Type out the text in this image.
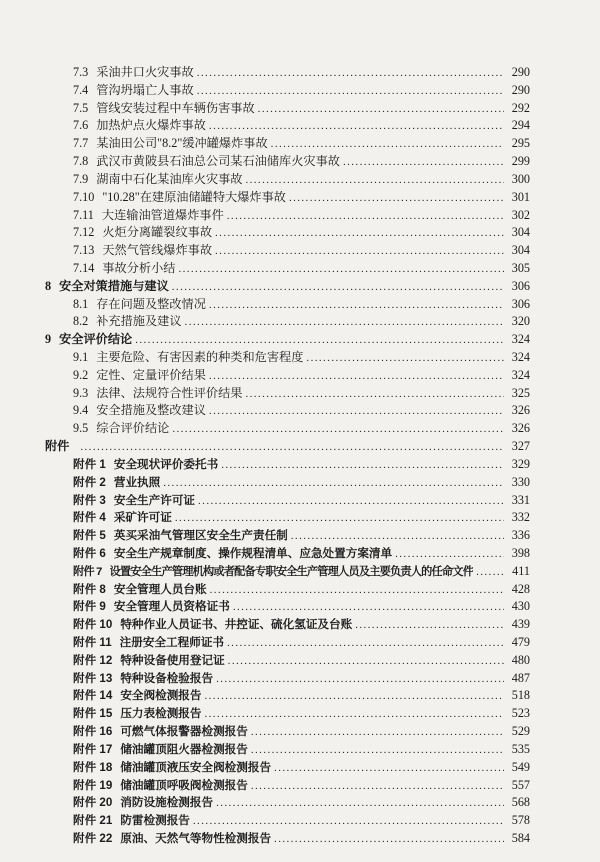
7.3 采油井口火灾事故 .....	290
7.4 管沟坍塌亡人事故 .....	290
7.5 管线安装过程中车辆伤害事故 .....	292
7.6 加热炉点火爆炸事故 .....	294
7.7 某油田公司"8.2"缓冲罐爆炸事故 .....	295
7.8 武汉市黄陂县石油总公司某石油储库火灾事故 .....	299
7.9 湖南中石化某油库火灾事故 .....	300
7.10 "10.28"在建原油储罐特大爆炸事故 .....	301
7.11 大连输油管道爆炸事件 .....	302
7.12 火炬分离罐裂纹事故 .....	304
7.13 天然气管线爆炸事故 .....	304
7.14 事故分析小结 .....	305
8 安全对策措施与建议 .....	306
8.1 存在问题及整改情况 .....	306
8.2 补充措施及建议 .....	320
9 安全评价结论 .....	324
9.1 主要危险、有害因素的种类和危害程度 .....	324
9.2 定性、定量评价结果 .....	324
9.3 法律、法规符合性评价结果 .....	325
9.4 安全措施及整改建议 .....	326
9.5 综合评价结论 .....	326
附件 .....	327
附件 1 安全现状评价委托书 .....	329
附件 2 营业执照 .....	330
附件 3 安全生产许可证 .....	331
附件 4 采矿许可证 .....	332
附件 5 英买采油气管理区安全生产责任制 .....	336
附件 6 安全生产规章制度、操作规程清单、应急处置方案清单 .....	398
附件 7 设置安全生产管理机构或者配备专职安全生产管理人员及主要负责人的任命文件 .....	411
附件 8 安全管理人员台账 .....	428
附件 9 安全管理人员资格证书 .....	430
附件 10 特种作业人员证书、井控证、硫化氢证及台账 .....	439
附件 11 注册安全工程师证书 .....	479
附件 12 特种设备使用登记证 .....	480
附件 13 特种设备检验报告 .....	487
附件 14 安全阀检测报告 .....	518
附件 15 压力表检测报告 .....	523
附件 16 可燃气体报警器检测报告 .....	529
附件 17 储油罐顶阻火器检测报告 .....	535
附件 18 储油罐顶液压安全阀检测报告 .....	549
附件 19 储油罐顶呼吸阀检测报告 .....	557
附件 20 消防设施检测报告 .....	568
附件 21 防雷检测报告 .....	578
附件 22 原油、天然气等物性检测报告 .....	584
